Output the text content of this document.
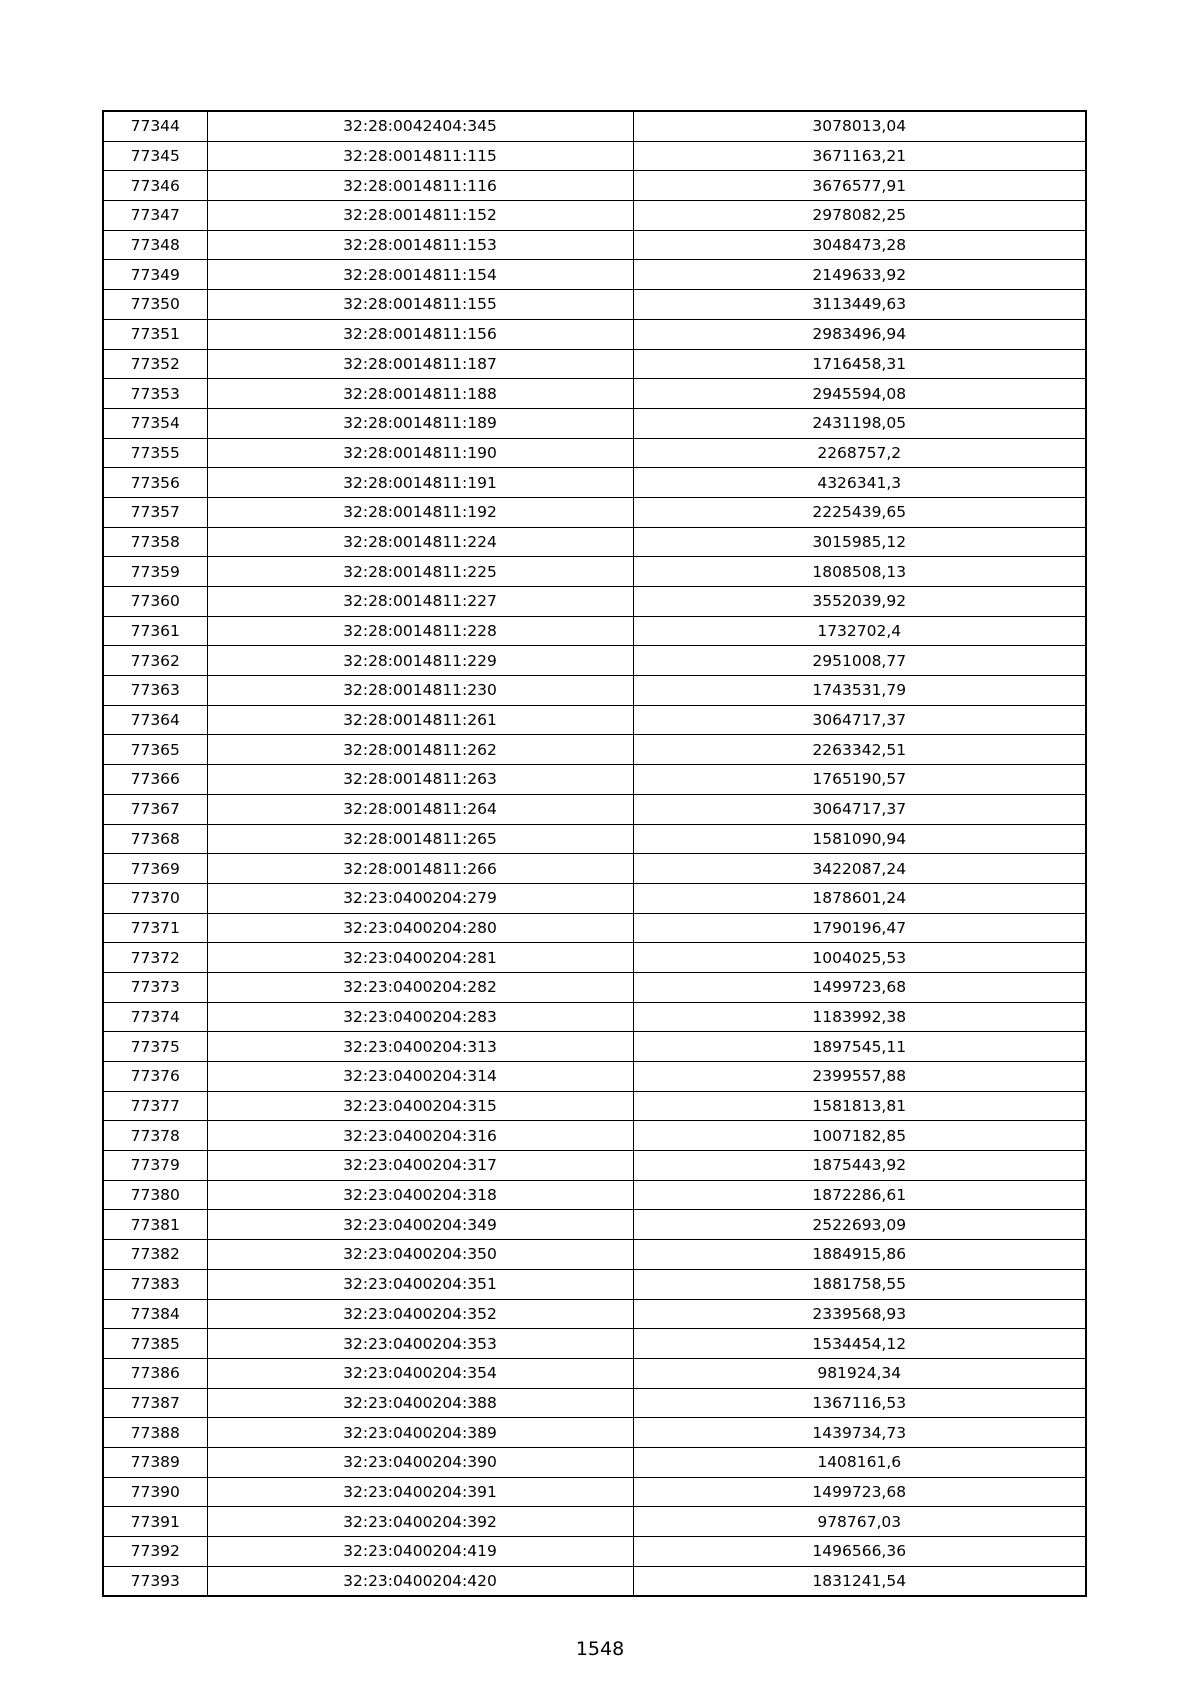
77344	32:28:0042404:345	3078013,04
77345	32:28:0014811:115	3671163,21
77346	32:28:0014811:116	3676577,91
77347	32:28:0014811:152	2978082,25
77348	32:28:0014811:153	3048473,28
77349	32:28:0014811:154	2149633,92
77350	32:28:0014811:155	3113449,63
77351	32:28:0014811:156	2983496,94
77352	32:28:0014811:187	1716458,31
77353	32:28:0014811:188	2945594,08
77354	32:28:0014811:189	2431198,05
77355	32:28:0014811:190	2268757,2
77356	32:28:0014811:191	4326341,3
77357	32:28:0014811:192	2225439,65
77358	32:28:0014811:224	3015985,12
77359	32:28:0014811:225	1808508,13
77360	32:28:0014811:227	3552039,92
77361	32:28:0014811:228	1732702,4
77362	32:28:0014811:229	2951008,77
77363	32:28:0014811:230	1743531,79
77364	32:28:0014811:261	3064717,37
77365	32:28:0014811:262	2263342,51
77366	32:28:0014811:263	1765190,57
77367	32:28:0014811:264	3064717,37
77368	32:28:0014811:265	1581090,94
77369	32:28:0014811:266	3422087,24
77370	32:23:0400204:279	1878601,24
77371	32:23:0400204:280	1790196,47
77372	32:23:0400204:281	1004025,53
77373	32:23:0400204:282	1499723,68
77374	32:23:0400204:283	1183992,38
77375	32:23:0400204:313	1897545,11
77376	32:23:0400204:314	2399557,88
77377	32:23:0400204:315	1581813,81
77378	32:23:0400204:316	1007182,85
77379	32:23:0400204:317	1875443,92
77380	32:23:0400204:318	1872286,61
77381	32:23:0400204:349	2522693,09
77382	32:23:0400204:350	1884915,86
77383	32:23:0400204:351	1881758,55
77384	32:23:0400204:352	2339568,93
77385	32:23:0400204:353	1534454,12
77386	32:23:0400204:354	981924,34
77387	32:23:0400204:388	1367116,53
77388	32:23:0400204:389	1439734,73
77389	32:23:0400204:390	1408161,6
77390	32:23:0400204:391	1499723,68
77391	32:23:0400204:392	978767,03
77392	32:23:0400204:419	1496566,36
77393	32:23:0400204:420	1831241,54
1548
